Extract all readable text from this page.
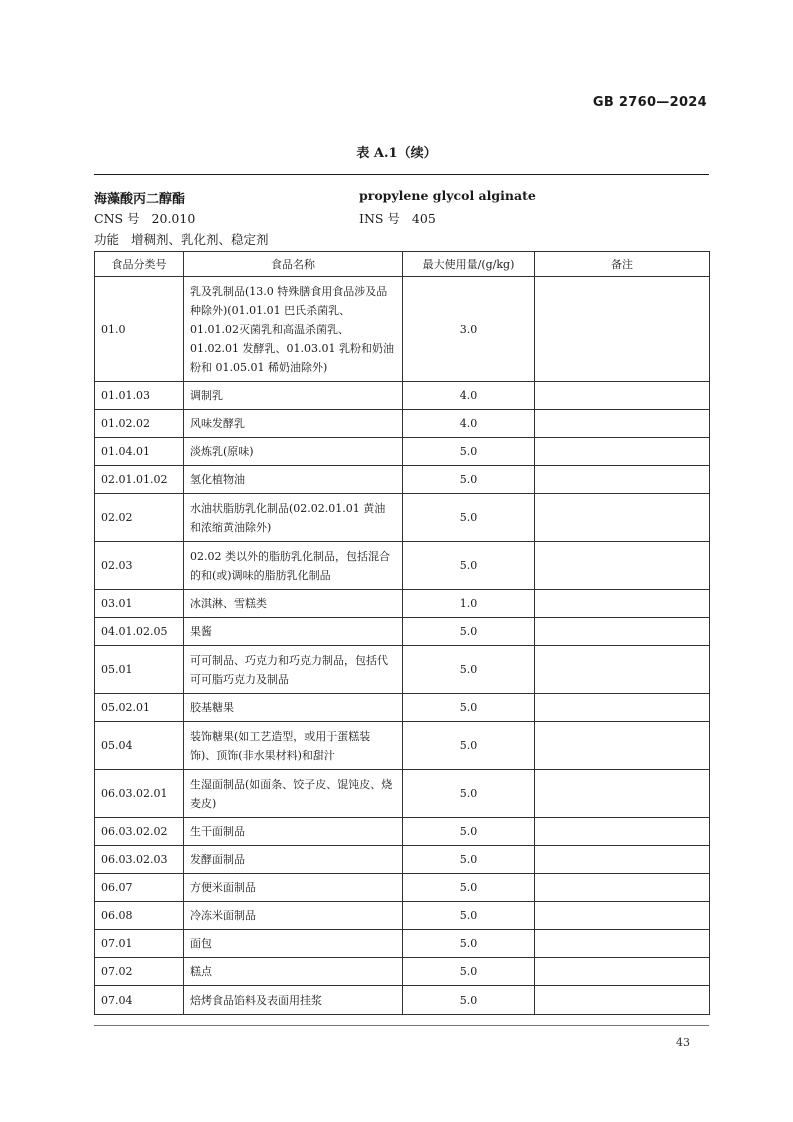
GB 2760—2024
表 A.1（续）
海藻酸丙二醇酯	propylene glycol alginate
CNS 号 20.010	INS 号 405
功能 增稠剂、乳化剂、稳定剂
食品分类号	食品名称	最大使用量/(g/kg)	备注
01.0	乳及乳制品(13.0 特殊膳食用食品涉及品种除外)(01.01.01 巴氏杀菌乳、01.01.02灭菌乳和高温杀菌乳、01.02.01 发酵乳、01.03.01 乳粉和奶油粉和 01.05.01 稀奶油除外)	3.0	
01.01.03	调制乳	4.0	
01.02.02	风味发酵乳	4.0	
01.04.01	淡炼乳(原味)	5.0	
02.01.01.02	氢化植物油	5.0	
02.02	水油状脂肪乳化制品(02.02.01.01 黄油和浓缩黄油除外)	5.0	
02.03	02.02 类以外的脂肪乳化制品，包括混合的和(或)调味的脂肪乳化制品	5.0	
03.01	冰淇淋、雪糕类	1.0	
04.01.02.05	果酱	5.0	
05.01	可可制品、巧克力和巧克力制品，包括代可可脂巧克力及制品	5.0	
05.02.01	胶基糖果	5.0	
05.04	装饰糖果(如工艺造型，或用于蛋糕装饰)、顶饰(非水果材料)和甜汁	5.0	
06.03.02.01	生湿面制品(如面条、饺子皮、馄饨皮、烧麦皮)	5.0	
06.03.02.02	生干面制品	5.0	
06.03.02.03	发酵面制品	5.0	
06.07	方便米面制品	5.0	
06.08	冷冻米面制品	5.0	
07.01	面包	5.0	
07.02	糕点	5.0	
07.04	焙烤食品馅料及表面用挂浆	5.0	
43
